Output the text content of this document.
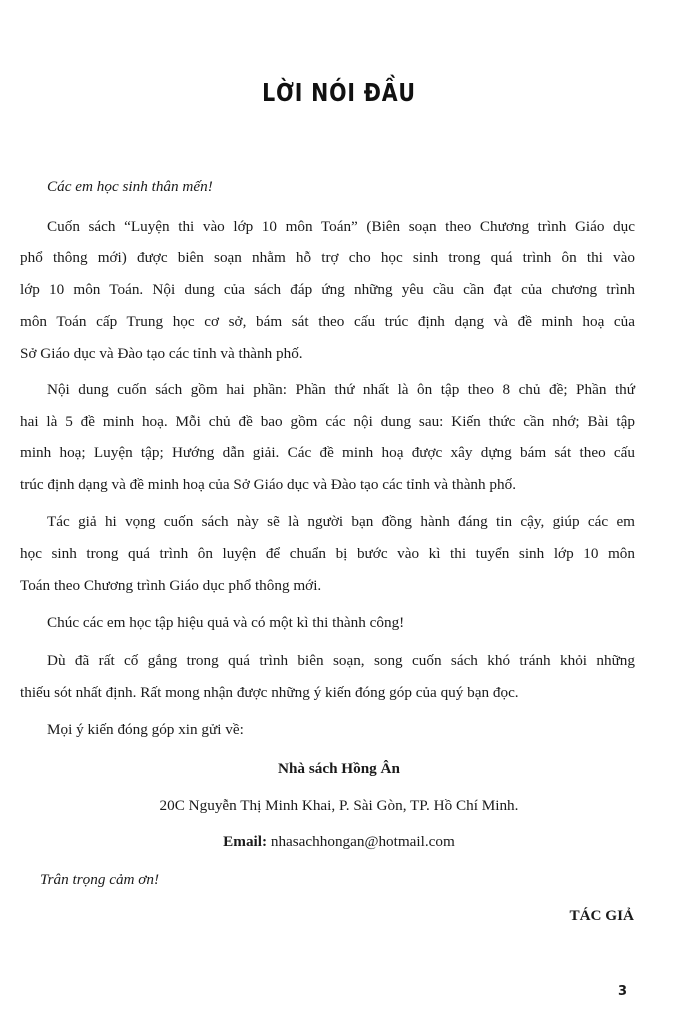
LỜI NÓI ĐẦU

Các em học sinh thân mến!

Cuốn sách “Luyện thi vào lớp 10 môn Toán” (Biên soạn theo Chương trình Giáo dục

phổ thông mới) được biên soạn nhằm hỗ trợ cho học sinh trong quá trình ôn thi vào

lớp 10 môn Toán. Nội dung của sách đáp ứng những yêu cầu cần đạt của chương trình

môn Toán cấp Trung học cơ sở, bám sát theo cấu trúc định dạng và đề minh hoạ của

Sở Giáo dục và Đào tạo các tỉnh và thành phố.

Nội dung cuốn sách gồm hai phần: Phần thứ nhất là ôn tập theo 8 chủ đề; Phần thứ

hai là 5 đề minh hoạ. Mỗi chủ đề bao gồm các nội dung sau: Kiến thức cần nhớ; Bài tập

minh hoạ; Luyện tập; Hướng dẫn giải. Các đề minh hoạ được xây dựng bám sát theo cấu

trúc định dạng và đề minh hoạ của Sở Giáo dục và Đào tạo các tỉnh và thành phố.

Tác giả hi vọng cuốn sách này sẽ là người bạn đồng hành đáng tin cậy, giúp các em

học sinh trong quá trình ôn luyện để chuẩn bị bước vào kì thi tuyển sinh lớp 10 môn

Toán theo Chương trình Giáo dục phổ thông mới.

Chúc các em học tập hiệu quả và có một kì thi thành công!

Dù đã rất cố gắng trong quá trình biên soạn, song cuốn sách khó tránh khỏi những

thiếu sót nhất định. Rất mong nhận được những ý kiến đóng góp của quý bạn đọc.

Mọi ý kiến đóng góp xin gửi về:

Nhà sách Hồng Ân

20C Nguyễn Thị Minh Khai, P. Sài Gòn, TP. Hồ Chí Minh.

Email: nhasachhongan@hotmail.com

Trân trọng cảm ơn!

TÁC GIẢ

3
